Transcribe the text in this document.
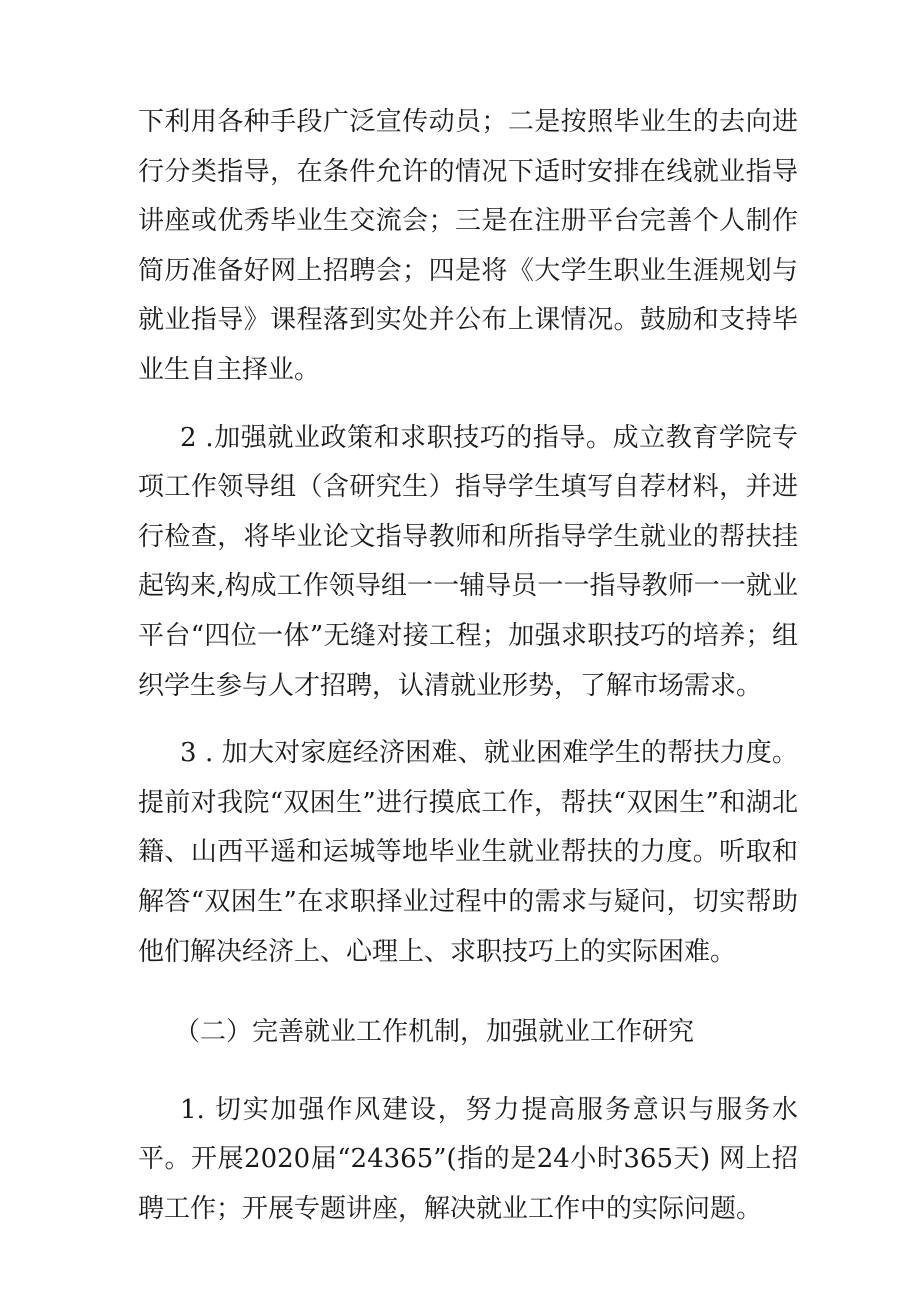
下利用各种手段广泛宣传动员；二是按照毕业生的去向进行分类指导，在条件允许的情况下适时安排在线就业指导讲座或优秀毕业生交流会；三是在注册平台完善个人制作简历准备好网上招聘会；四是将《大学生职业生涯规划与就业指导》课程落到实处并公布上课情况。鼓励和支持毕业生自主择业。

2 .加强就业政策和求职技巧的指导。成立教育学院专项工作领导组（含研究生）指导学生填写自荐材料，并进行检查，将毕业论文指导教师和所指导学生就业的帮扶挂起钩来,构成工作领导组一一辅导员一一指导教师一一就业平台“四位一体”无缝对接工程；加强求职技巧的培养；组织学生参与人才招聘，认清就业形势，了解市场需求。

3 . 加大对家庭经济困难、就业困难学生的帮扶力度。提前对我院“双困生”进行摸底工作，帮扶“双困生”和湖北籍、山西平遥和运城等地毕业生就业帮扶的力度。听取和解答“双困生”在求职择业过程中的需求与疑问，切实帮助他们解决经济上、心理上、求职技巧上的实际困难。

（二）完善就业工作机制，加强就业工作研究

1. 切实加强作风建设，努力提高服务意识与服务水平。开展2020届“24365”(指的是24小时365天) 网上招聘工作；开展专题讲座，解决就业工作中的实际问题。
